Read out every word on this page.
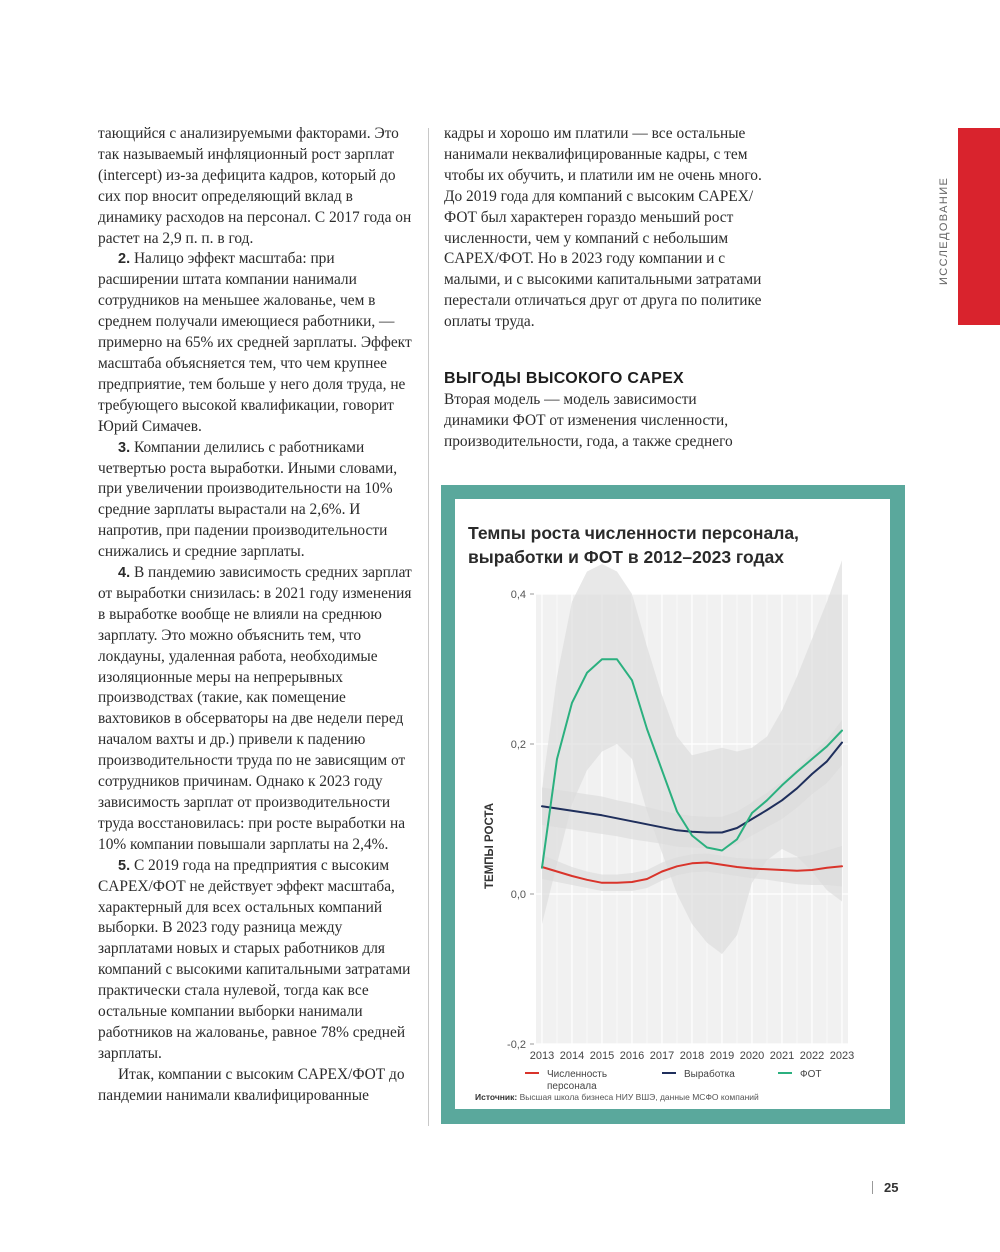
ИССЛЕДОВАНИЕ

тающийся с анализируемыми факторами. Это так называемый инфляционный рост зарплат (intercept) из-за дефицита кадров, который до сих пор вносит определяющий вклад в динамику расходов на персонал. С 2017 года он растет на 2,9 п. п. в год.

2. Налицо эффект масштаба: при расширении штата компании нанимали сотрудников на меньшее жалованье, чем в среднем получали имеющиеся работники, — примерно на 65% их средней зарплаты. Эффект масштаба объясняется тем, что чем крупнее предприятие, тем больше у него доля труда, не требующего высокой квалификации, говорит Юрий Симачев.

3. Компании делились с работниками четвертью роста выработки. Иными словами, при увеличении производительности на 10% средние зарплаты вырастали на 2,6%. И напротив, при падении производительности снижались и средние зарплаты.

4. В пандемию зависимость средних зарплат от выработки снизилась: в 2021 году изменения в выработке вообще не влияли на среднюю зарплату. Это можно объяснить тем, что локдауны, удаленная работа, необходимые изоляционные меры на непрерывных производствах (такие, как помещение вахтовиков в обсерваторы на две недели перед началом вахты и др.) привели к падению производительности труда по не зависящим от сотрудников причинам. Однако к 2023 году зависимость зарплат от производительности труда восстановилась: при росте выработки на 10% компании повышали зарплаты на 2,4%.

5. С 2019 года на предприятия с высоким CAPEX/ФОТ не действует эффект масштаба, характерный для всех остальных компаний выборки. В 2023 году разница между зарплатами новых и старых работников для компаний с высокими капитальными затратами практически стала нулевой, тогда как все остальные компании выборки нанимали работников на жалованье, равное 78% средней зарплаты.

Итак, компании с высоким CAPEX/ФОТ до пандемии нанимали квалифицированные

кадры и хорошо им платили — все остальные нанимали неквалифицированные кадры, с тем чтобы их обучить, и платили им не очень много. До 2019 года для компаний с высоким CAPEX/ФОТ был характерен гораздо меньший рост численности, чем у компаний с небольшим CAPEX/ФОТ. Но в 2023 году компании и с малыми, и с высокими капитальными затратами перестали отличаться друг от друга по политике оплаты труда.

ВЫГОДЫ ВЫСОКОГО CAPEX

Вторая модель — модель зависимости динамики ФОТ от изменения численности, производительности, года, а также среднего

Темпы роста численности персонала,
выработки и ФОТ в 2012–2023 годах
-0,2
0,0
0,2
0,4
2013 2014 2015 2016 2017 2018 2019 2020 2021 2022 2023
ТЕМПЫ РОСТА
Численность персонала
Выработка	ФОТ
Источник: Высшая школа бизнеса НИУ ВШЭ, данные МСФО компаний
25
